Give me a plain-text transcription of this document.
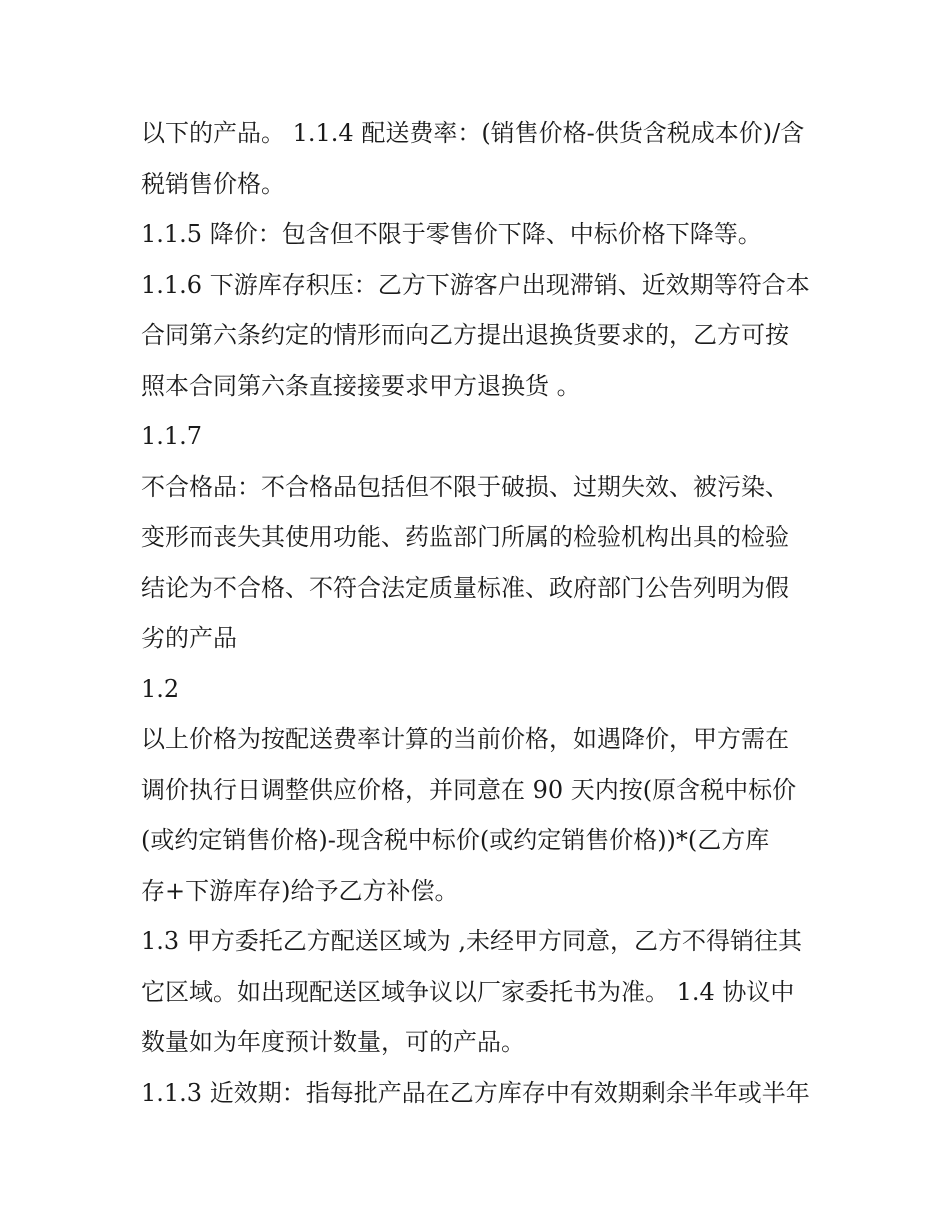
以下的产品。 1.1.4 配送费率：(销售价格-供货含税成本价)/含

税销售价格。

1.1.5 降价：包含但不限于零售价下降、中标价格下降等。

1.1.6 下游库存积压：乙方下游客户出现滞销、近效期等符合本

合同第六条约定的情形而向乙方提出退换货要求的，乙方可按

照本合同第六条直接接要求甲方退换货 。

1.1.7

不合格品：不合格品包括但不限于破损、过期失效、被污染、

变形而丧失其使用功能、药监部门所属的检验机构出具的检验

结论为不合格、不符合法定质量标准、政府部门公告列明为假

劣的产品

1.2

以上价格为按配送费率计算的当前价格，如遇降价，甲方需在

调价执行日调整供应价格，并同意在 90 天内按(原含税中标价

(或约定销售价格)-现含税中标价(或约定销售价格))*(乙方库

存+下游库存)给予乙方补偿。

1.3 甲方委托乙方配送区域为 ,未经甲方同意，乙方不得销往其

它区域。如出现配送区域争议以厂家委托书为准。 1.4 协议中

数量如为年度预计数量，可的产品。

1.1.3 近效期：指每批产品在乙方库存中有效期剩余半年或半年
